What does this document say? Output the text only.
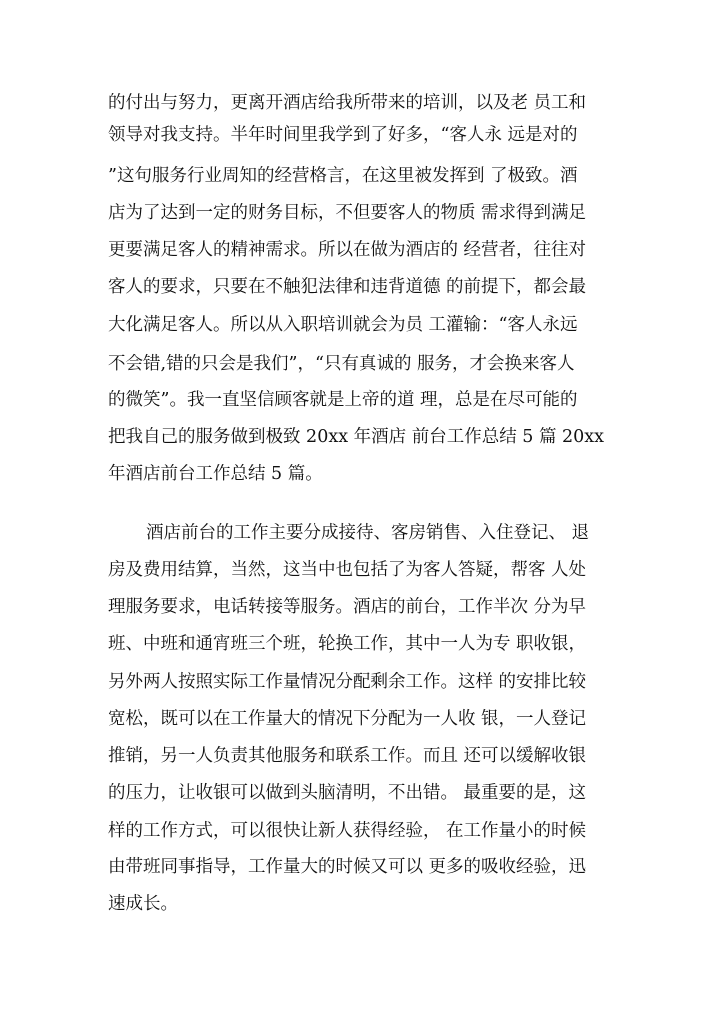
的付出与努力，更离开酒店给我所带来的培训，以及老 员工和
领导对我支持。半年时间里我学到了好多，“客人永 远是对的
”这句服务行业周知的经营格言，在这里被发挥到 了极致。酒
店为了达到一定的财务目标，不但要客人的物质 需求得到满足
更要满足客人的精神需求。所以在做为酒店的 经营者，往往对
客人的要求，只要在不触犯法律和违背道德 的前提下，都会最
大化满足客人。所以从入职培训就会为员 工灌输：“客人永远
不会错,错的只会是我们”，“只有真诚的 服务，才会换来客人
的微笑”。我一直坚信顾客就是上帝的道 理，总是在尽可能的
把我自己的服务做到极致 20xx 年酒店 前台工作总结 5 篇 20xx
年酒店前台工作总结 5 篇。
酒店前台的工作主要分成接待、客房销售、入住登记、 退
房及费用结算，当然，这当中也包括了为客人答疑，帮客 人处
理服务要求，电话转接等服务。酒店的前台，工作半次 分为早
班、中班和通宵班三个班，轮换工作，其中一人为专 职收银，
另外两人按照实际工作量情况分配剩余工作。这样 的安排比较
宽松，既可以在工作量大的情况下分配为一人收 银，一人登记
推销，另一人负责其他服务和联系工作。而且 还可以缓解收银
的压力，让收银可以做到头脑清明，不出错。 最重要的是，这
样的工作方式，可以很快让新人获得经验， 在工作量小的时候
由带班同事指导，工作量大的时候又可以 更多的吸收经验，迅
速成长。
